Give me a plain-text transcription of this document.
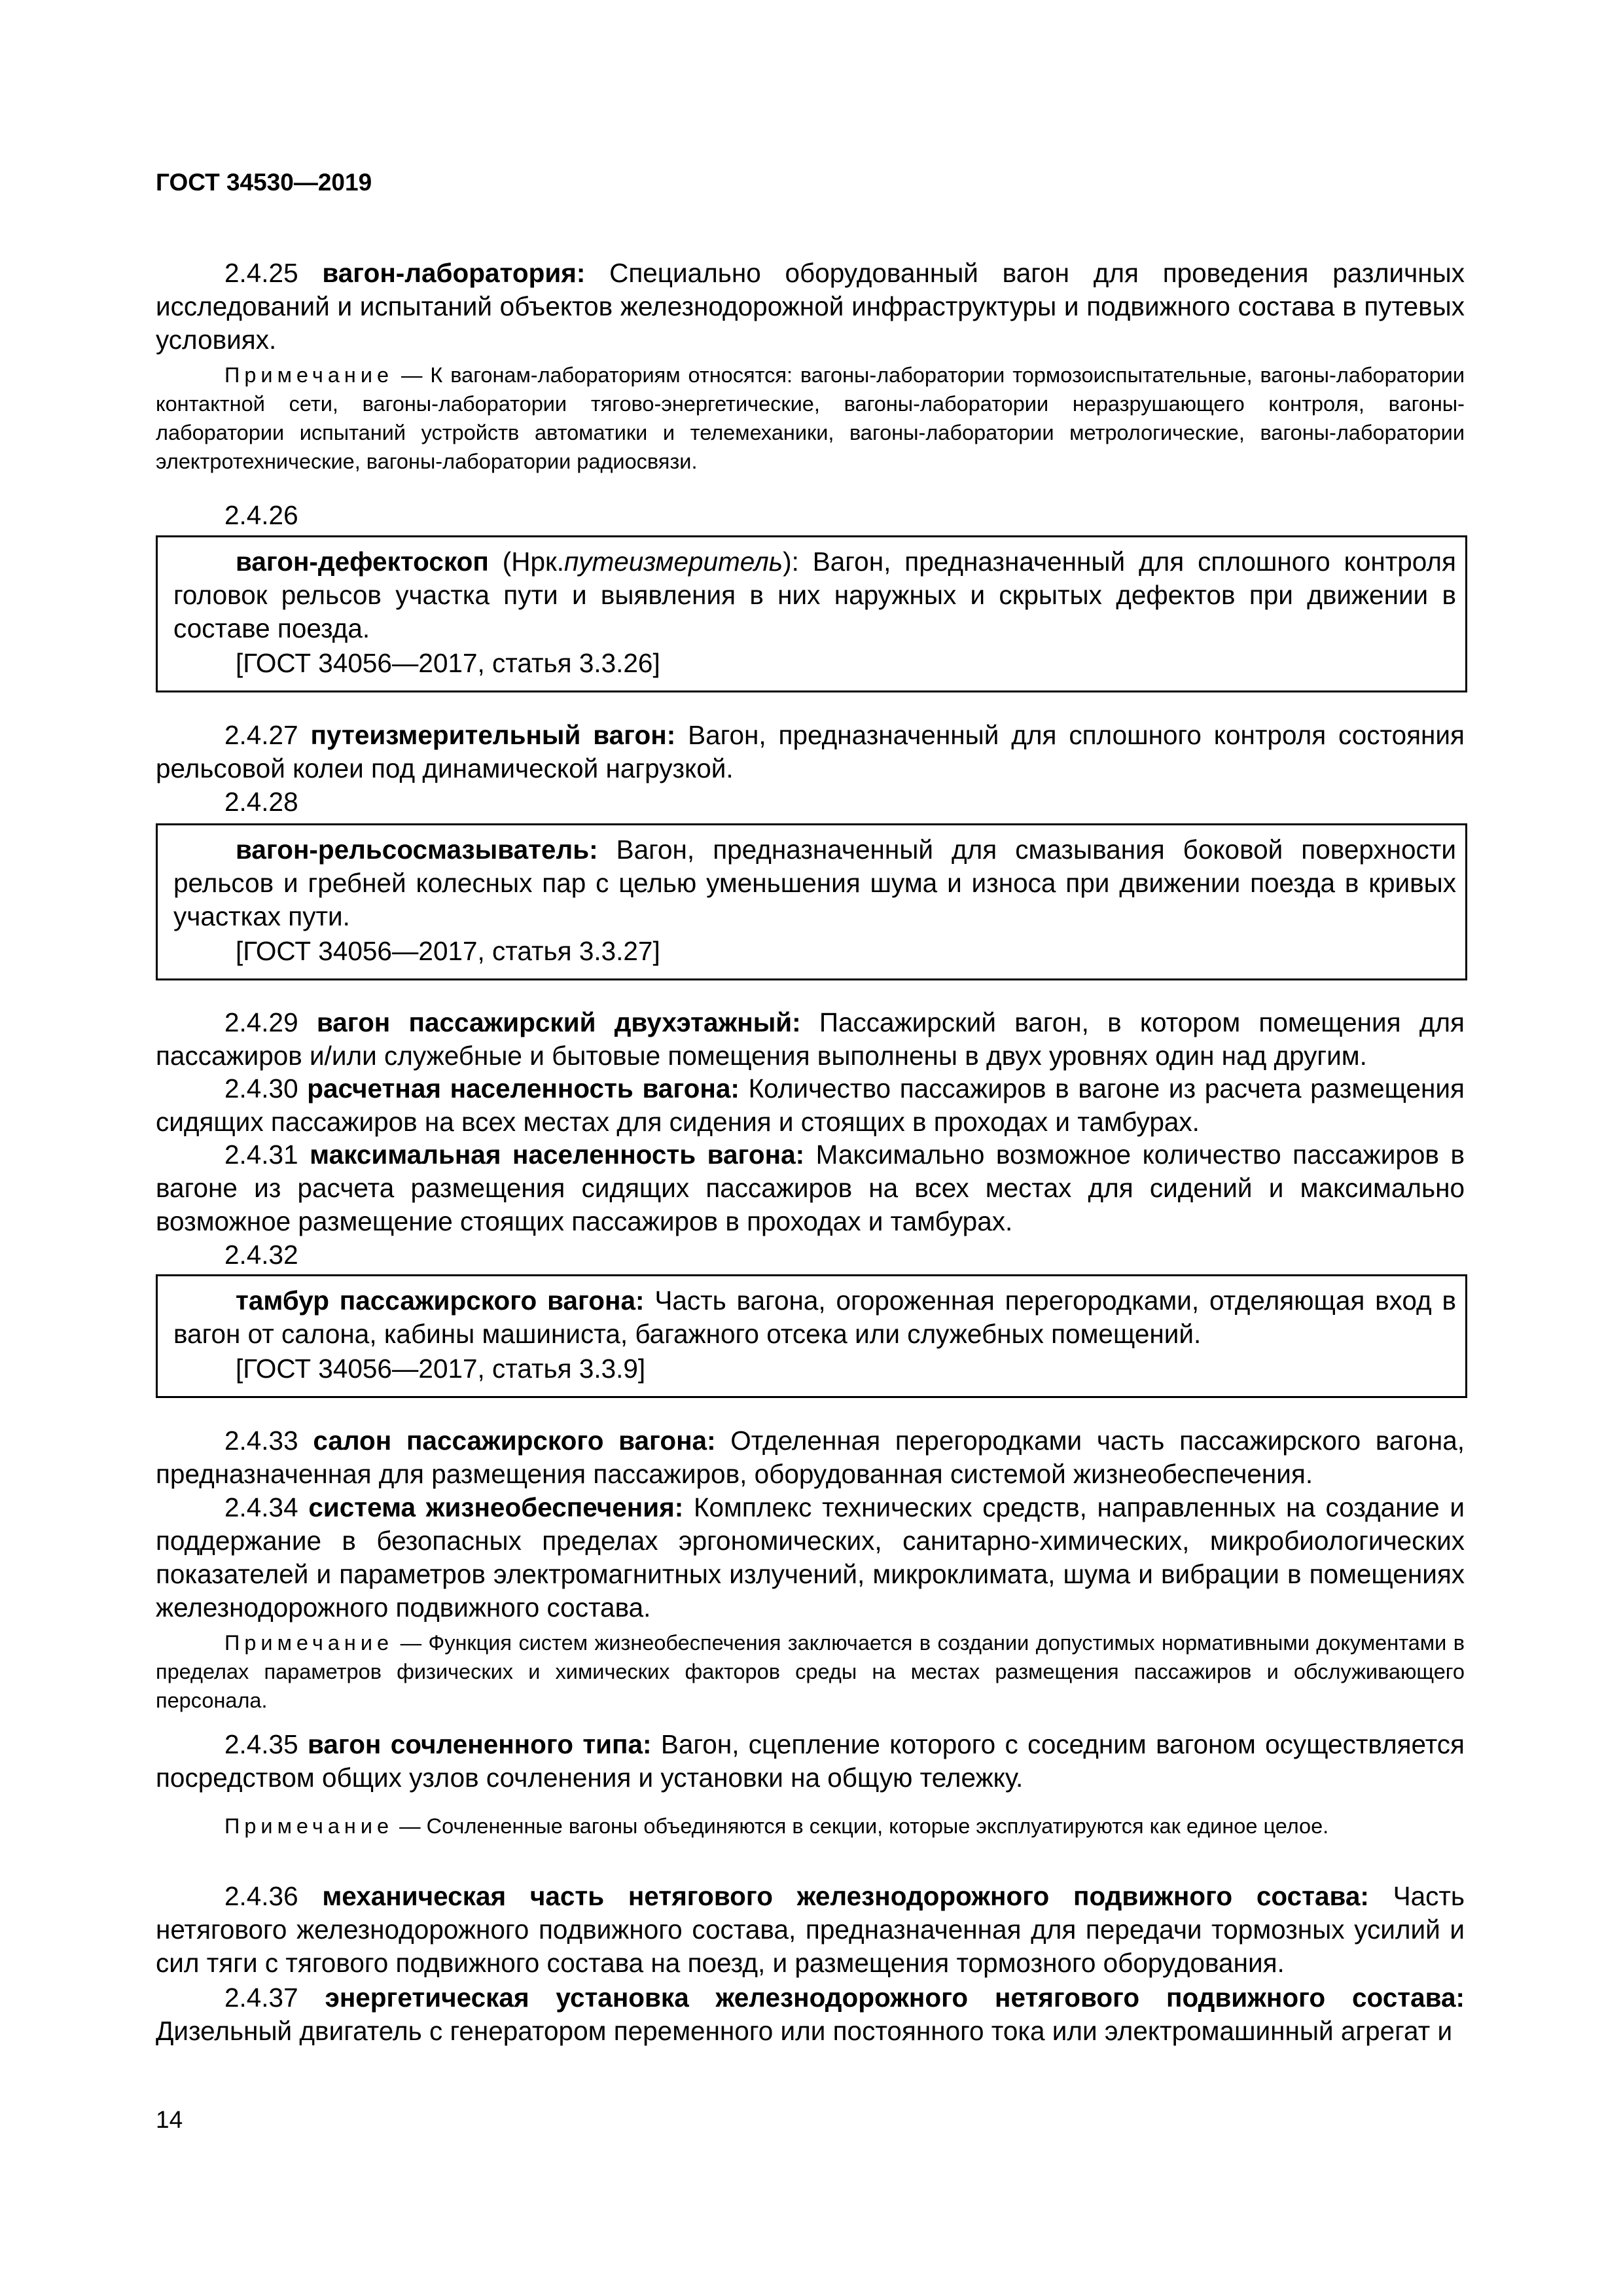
ГОСТ 34530—2019
2.4.25 вагон-лаборатория: Специально оборудованный вагон для проведения различных исследований и испытаний объектов железнодорожной инфраструктуры и подвижного состава в путевых условиях.
Примечание — К вагонам-лабораториям относятся: вагоны-лаборатории тормозоиспытательные, вагоны-лаборатории контактной сети, вагоны-лаборатории тягово-энергетические, вагоны-лаборатории неразрушающего контроля, вагоны-лаборатории испытаний устройств автоматики и телемеханики, вагоны-лаборатории метрологические, вагоны-лаборатории электротехнические, вагоны-лаборатории радиосвязи.
2.4.26
вагон-дефектоскоп (Нрк.путеизмеритель): Вагон, предназначенный для сплошного контроля головок рельсов участка пути и выявления в них наружных и скрытых дефектов при движении в составе поезда.
[ГОСТ 34056—2017, статья 3.3.26]
2.4.27 путеизмерительный вагон: Вагон, предназначенный для сплошного контроля состояния рельсовой колеи под динамической нагрузкой.
2.4.28
вагон-рельсосмазыватель: Вагон, предназначенный для смазывания боковой поверхности рельсов и гребней колесных пар с целью уменьшения шума и износа при движении поезда в кривых участках пути.
[ГОСТ 34056—2017, статья 3.3.27]
2.4.29 вагон пассажирский двухэтажный: Пассажирский вагон, в котором помещения для пассажиров и/или служебные и бытовые помещения выполнены в двух уровнях один над другим.
2.4.30 расчетная населенность вагона: Количество пассажиров в вагоне из расчета размещения сидящих пассажиров на всех местах для сидения и стоящих в проходах и тамбурах.
2.4.31 максимальная населенность вагона: Максимально возможное количество пассажиров в вагоне из расчета размещения сидящих пассажиров на всех местах для сидений и максимально возможное размещение стоящих пассажиров в проходах и тамбурах.
2.4.32
тамбур пассажирского вагона: Часть вагона, огороженная перегородками, отделяющая вход в вагон от салона, кабины машиниста, багажного отсека или служебных помещений.
[ГОСТ 34056—2017, статья 3.3.9]
2.4.33 салон пассажирского вагона: Отделенная перегородками часть пассажирского вагона, предназначенная для размещения пассажиров, оборудованная системой жизнеобеспечения.
2.4.34 система жизнеобеспечения: Комплекс технических средств, направленных на создание и поддержание в безопасных пределах эргономических, санитарно-химических, микробиологических показателей и параметров электромагнитных излучений, микроклимата, шума и вибрации в помещениях железнодорожного подвижного состава.
Примечание — Функция систем жизнеобеспечения заключается в создании допустимых нормативными документами в пределах параметров физических и химических факторов среды на местах размещения пассажиров и обслуживающего персонала.
2.4.35 вагон сочлененного типа: Вагон, сцепление которого с соседним вагоном осуществляется посредством общих узлов сочленения и установки на общую тележку.
Примечание — Сочлененные вагоны объединяются в секции, которые эксплуатируются как единое целое.
2.4.36 механическая часть нетягового железнодорожного подвижного состава: Часть нетягового железнодорожного подвижного состава, предназначенная для передачи тормозных усилий и сил тяги с тягового подвижного состава на поезд, и размещения тормозного оборудования.
2.4.37 энергетическая установка железнодорожного нетягового подвижного состава: Дизельный двигатель с генератором переменного или постоянного тока или электромашинный агрегат и
14
